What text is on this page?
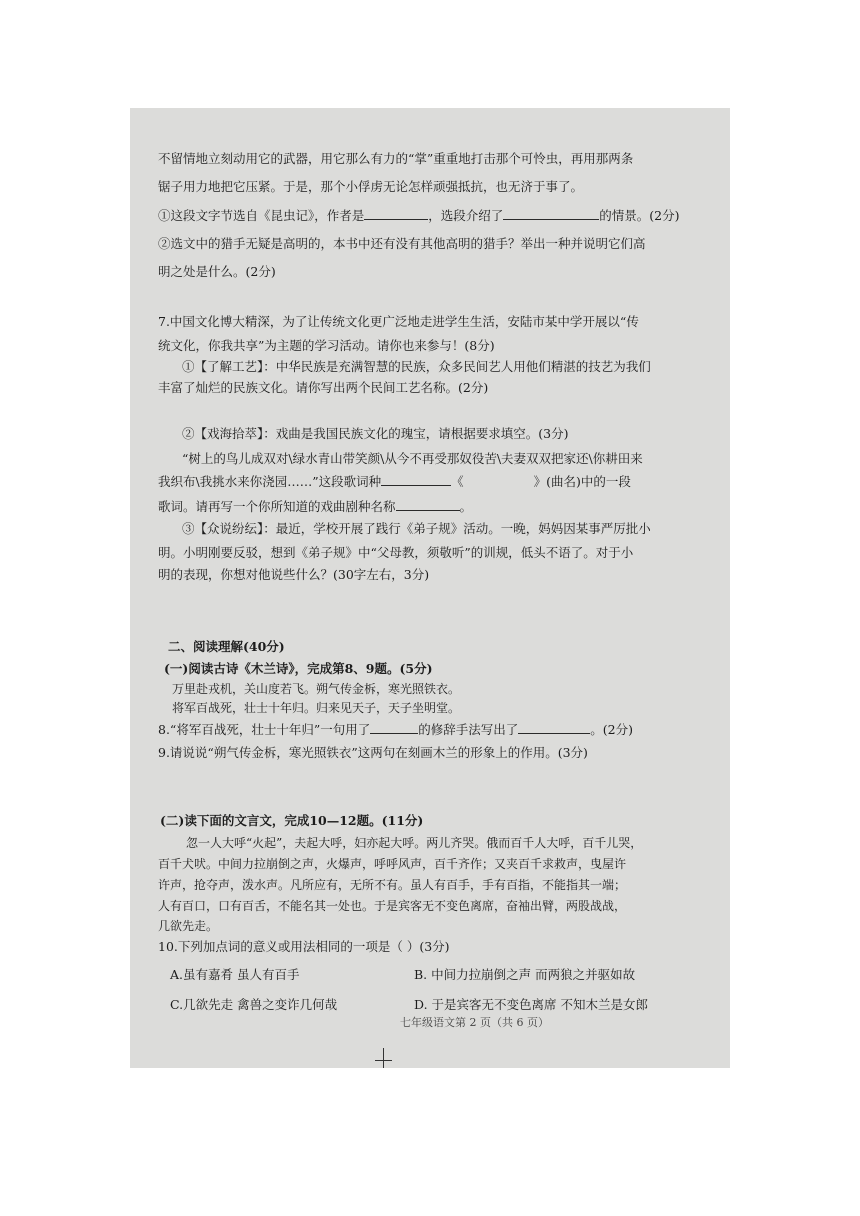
不留情地立刻动用它的武器，用它那么有力的“掌”重重地打击那个可怜虫，再用那两条
锯子用力地把它压紧。于是，那个小俘虏无论怎样顽强抵抗，也无济于事了。
①这段文字节选自《昆虫记》，作者是	，选段介绍了	的情景。(2分)
②选文中的猎手无疑是高明的，本书中还有没有其他高明的猎手？举出一种并说明它们高
明之处是什么。(2分)
7.中国文化博大精深，为了让传统文化更广泛地走进学生生活，安陆市某中学开展以“传
统文化，你我共享”为主题的学习活动。请你也来参与！(8分)
①【了解工艺】：中华民族是充满智慧的民族，众多民间艺人用他们精湛的技艺为我们
丰富了灿烂的民族文化。请你写出两个民间工艺名称。(2分)
②【戏海拾萃】：戏曲是我国民族文化的瑰宝，请根据要求填空。(3分)
“树上的鸟儿成双对\绿水青山带笑颜\从今不再受那奴役苦\夫妻双双把家还\你耕田来
我织布\我挑水来你浇园……”这段歌词种	《	》(曲名)中的一段
歌词。请再写一个你所知道的戏曲剧种名称	。
③【众说纷纭】：最近，学校开展了践行《弟子规》活动。一晚，妈妈因某事严厉批小
明。小明刚要反驳，想到《弟子规》中“父母教，须敬听”的训规，低头不语了。对于小
明的表现，你想对他说些什么？(30字左右，3分)
二、阅读理解(40分)
(一)阅读古诗《木兰诗》，完成第8、9题。(5分)
万里赴戎机，关山度若飞。朔气传金柝，寒光照铁衣。
将军百战死，壮士十年归。归来见天子，天子坐明堂。
8.“将军百战死，壮士十年归”一句用了	的修辞手法写出了	。(2分)
9.请说说“朔气传金柝，寒光照铁衣”这两句在刻画木兰的形象上的作用。(3分)
(二)读下面的文言文，完成10—12题。(11分)
忽一人大呼“火起”，夫起大呼，妇亦起大呼。两儿齐哭。俄而百千人大呼，百千儿哭，
百千犬吠。中间力拉崩倒之声，火爆声，呼呼风声，百千齐作；又夹百千求救声，曳屋许
许声，抢夺声，泼水声。凡所应有，无所不有。虽人有百手，手有百指，不能指其一端；
人有百口，口有百舌，不能名其一处也。于是宾客无不变色离席，奋袖出臂，两股战战，
几欲先走。
10.下列加点词的意义或用法相同的一项是（ ）(3分)
A.虽有嘉肴 虽人有百手	B. 中间力拉崩倒之声 而两狼之并驱如故
C.几欲先走 禽兽之变诈几何哉	D. 于是宾客无不变色离席 不知木兰是女郎
七年级语文第 2 页（共 6 页）
